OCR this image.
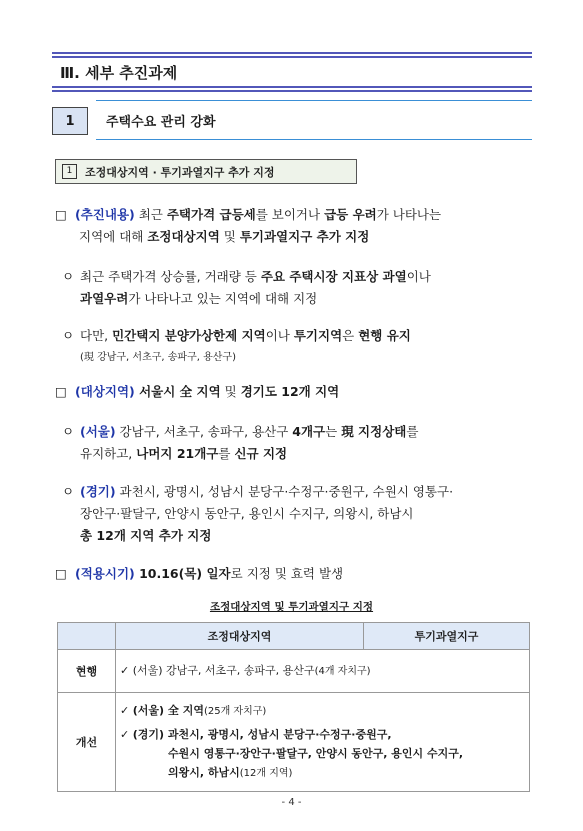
Ⅲ. 세부 추진과제
1	주택수요 관리 강화
1	조정대상지역 · 투기과열지구 추가 지정
□ (추진내용) 최근 주택가격 급등세를 보이거나 급등 우려가 나타나는
지역에 대해 조정대상지역 및 투기과열지구 추가 지정
ㅇ 최근 주택가격 상승률, 거래량 등 주요 주택시장 지표상 과열이나
과열우려가 나타나고 있는 지역에 대해 지정
ㅇ 다만, 민간택지 분양가상한제 지역이나 투기지역은 현행 유지
(現 강남구, 서초구, 송파구, 용산구)
□ (대상지역) 서울시 全 지역 및 경기도 12개 지역
ㅇ (서울) 강남구, 서초구, 송파구, 용산구 4개구는 現 지정상태를
유지하고, 나머지 21개구를 신규 지정
ㅇ (경기) 과천시, 광명시, 성남시 분당구·수정구·중원구, 수원시 영통구·
장안구·팔달구, 안양시 동안구, 용인시 수지구, 의왕시, 하남시
총 12개 지역 추가 지정
□ (적용시기) 10.16(목) 일자로 지정 및 효력 발생
조정대상지역 및 투기과열지구 지정
	조정대상지역	투기과열지구
현행	✓ (서울) 강남구, 서초구, 송파구, 용산구(4개 자치구)	
개선	✓ (서울) 全 지역(25개 자치구)
✓ (경기) 과천시, 광명시, 성남시 분당구·수정구·중원구,
수원시 영통구·장안구·팔달구, 안양시 동안구, 용인시 수지구,
의왕시, 하남시(12개 지역)	
- 4 -
